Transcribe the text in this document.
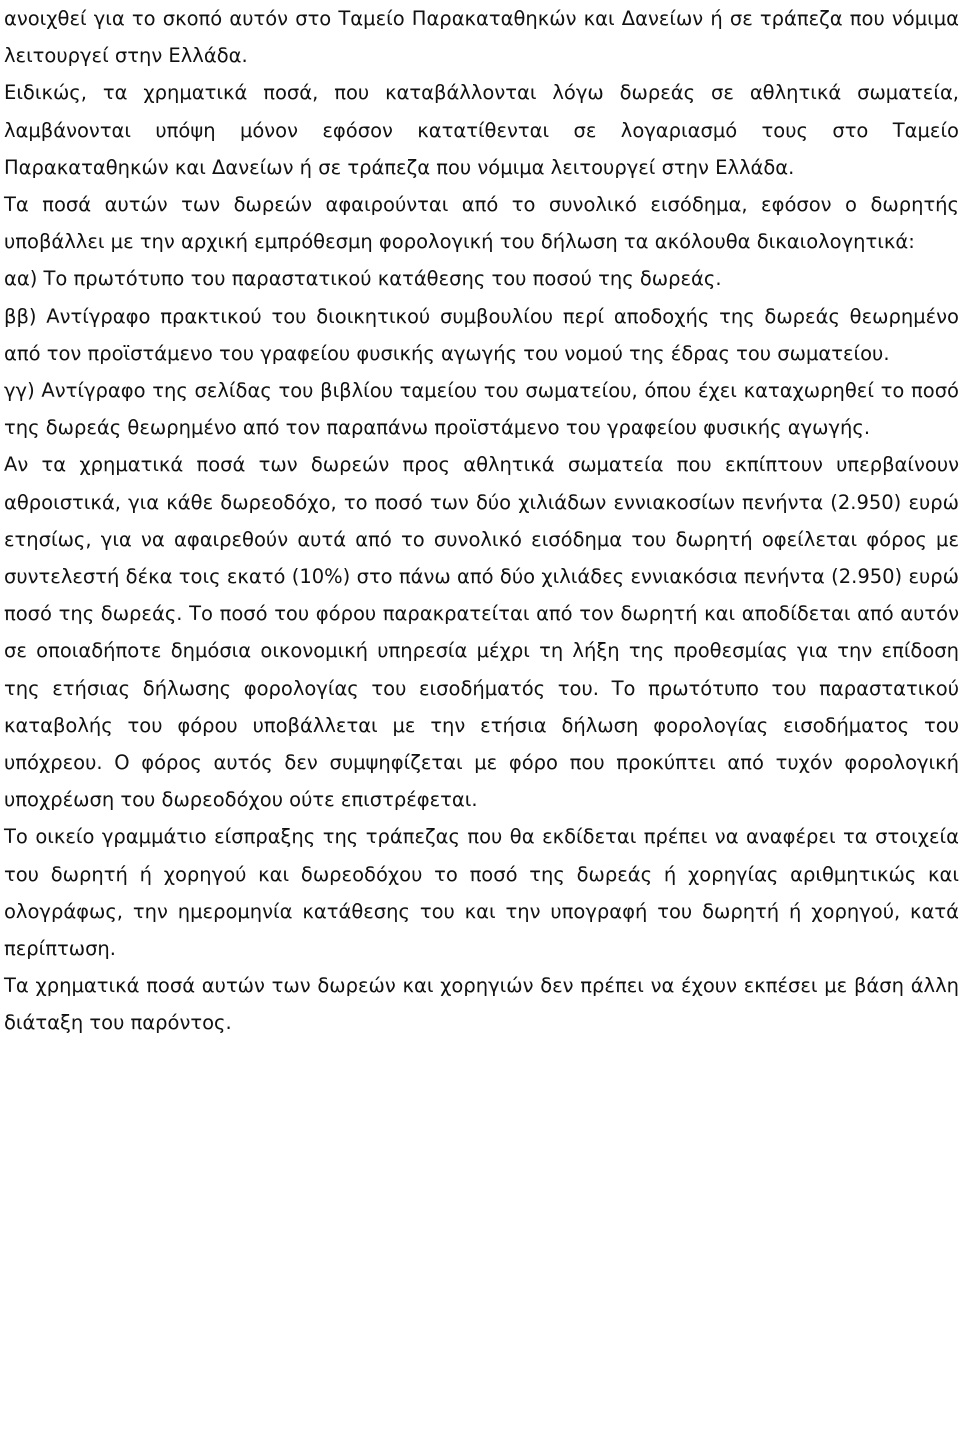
ανοιχθεί για το σκοπό αυτόν στο Ταμείο Παρακαταθηκών και Δανείων ή σε τράπεζα που νόμιμα λειτουργεί στην Ελλάδα.

Ειδικώς, τα χρηματικά ποσά, που καταβάλλονται λόγω δωρεάς σε αθλητικά σωματεία, λαμβάνονται υπόψη μόνον εφόσον κατατίθενται σε λογαριασμό τους στο Ταμείο Παρακαταθηκών και Δανείων ή σε τράπεζα που νόμιμα λειτουργεί στην Ελλάδα.

Τα ποσά αυτών των δωρεών αφαιρούνται από το συνολικό εισόδημα, εφόσον ο δωρητής υποβάλλει με την αρχική εμπρόθεσμη φορολογική του δήλωση τα ακόλουθα δικαιολογητικά:

αα) Το πρωτότυπο του παραστατικού κατάθεσης του ποσού της δωρεάς.

ββ) Αντίγραφο πρακτικού του διοικητικού συμβουλίου περί αποδοχής της δωρεάς θεωρημένο από τον προϊστάμενο του γραφείου φυσικής αγωγής του νομού της έδρας του σωματείου.

γγ) Αντίγραφο της σελίδας του βιβλίου ταμείου του σωματείου, όπου έχει καταχωρηθεί το ποσό της δωρεάς θεωρημένο από τον παραπάνω προϊστάμενο του γραφείου φυσικής αγωγής.

Αν τα χρηματικά ποσά των δωρεών προς αθλητικά σωματεία που εκπίπτουν υπερβαίνουν αθροιστικά, για κάθε δωρεοδόχο, το ποσό των δύο χιλιάδων εννιακοσίων πενήντα (2.950) ευρώ ετησίως, για να αφαιρεθούν αυτά από το συνολικό εισόδημα του δωρητή οφείλεται φόρος με συντελεστή δέκα τοις εκατό (10%) στο πάνω από δύο χιλιάδες εννιακόσια πενήντα (2.950) ευρώ ποσό της δωρεάς. Το ποσό του φόρου παρακρατείται από τον δωρητή και αποδίδεται από αυτόν σε οποιαδήποτε δημόσια οικονομική υπηρεσία μέχρι τη λήξη της προθεσμίας για την επίδοση της ετήσιας δήλωσης φορολογίας του εισοδήματός του. Το πρωτότυπο του παραστατικού καταβολής του φόρου υποβάλλεται με την ετήσια δήλωση φορολογίας εισοδήματος του υπόχρεου. Ο φόρος αυτός δεν συμψηφίζεται με φόρο που προκύπτει από τυχόν φορολογική υποχρέωση του δωρεοδόχου ούτε επιστρέφεται.

Το οικείο γραμμάτιο είσπραξης της τράπεζας που θα εκδίδεται πρέπει να αναφέρει τα στοιχεία του δωρητή ή χορηγού και δωρεοδόχου το ποσό της δωρεάς ή χορηγίας αριθμητικώς και ολογράφως, την ημερομηνία κατάθεσης του και την υπογραφή του δωρητή ή χορηγού, κατά περίπτωση.

Τα χρηματικά ποσά αυτών των δωρεών και χορηγιών δεν πρέπει να έχουν εκπέσει με βάση άλλη διάταξη του παρόντος.
